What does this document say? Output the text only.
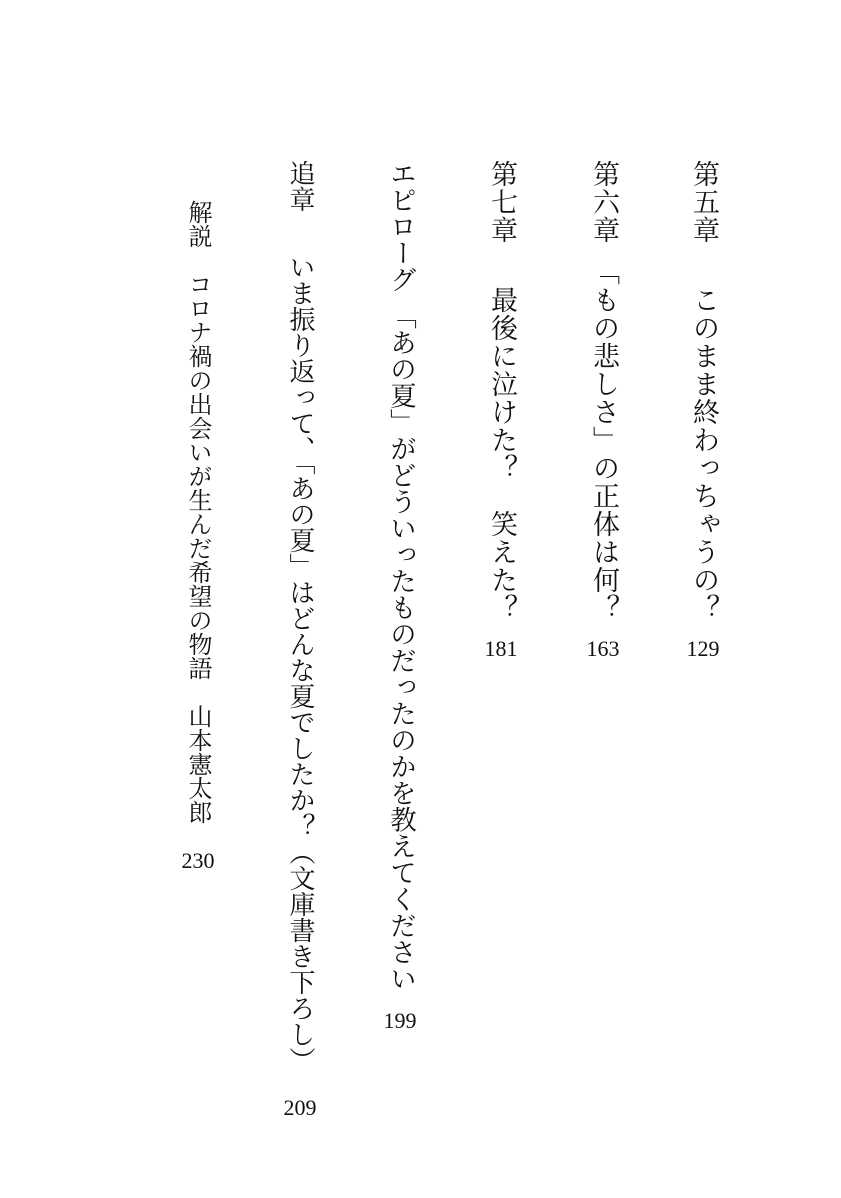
第五章このまま終わっちゃうの？
129
第六章「もの悲しさ」の正体は何？
163
第七章最後に泣けた？　笑えた？
181
エピローグ「あの夏」がどういったものだったのかを教えてください
199
追章いま振り返って、「あの夏」はどんな夏でしたか？（文庫書き下ろし）
209
解説コロナ禍の出会いが生んだ希望の物語山本憲太郎
230
